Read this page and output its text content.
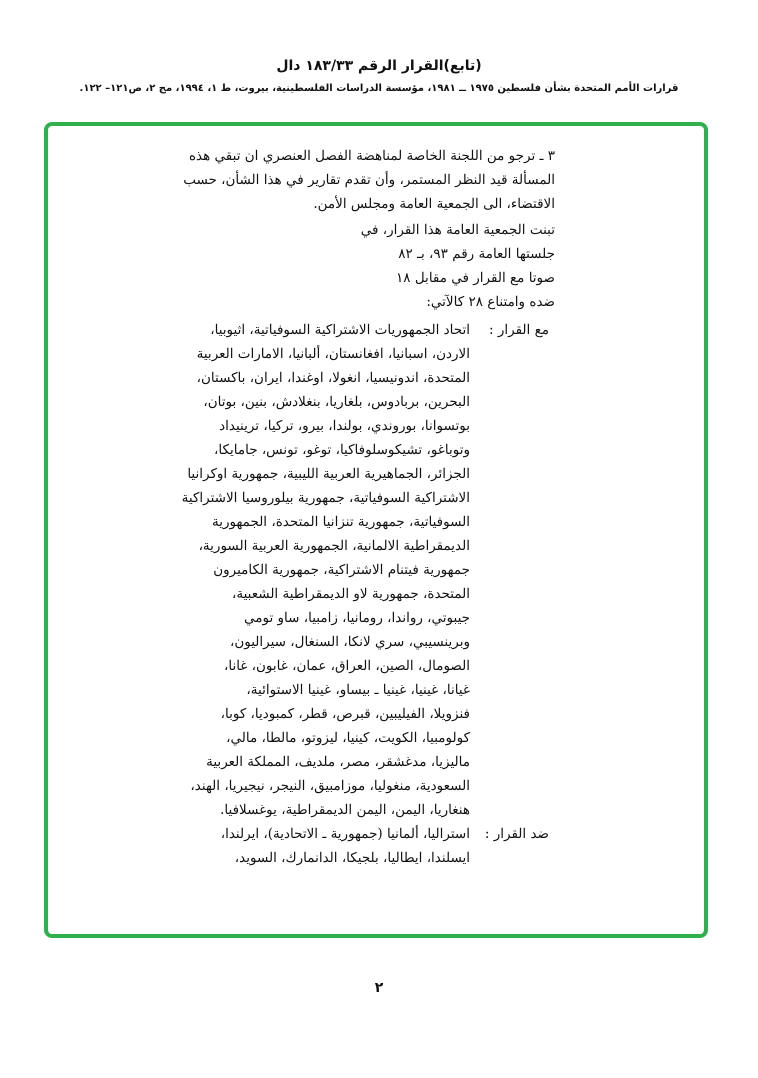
(تابع)القرار الرقم ١٨٣/٣٣ دال
قرارات الأمم المتحدة بشأن فلسطين ١٩٧٥ ــ ١٩٨١، مؤسسة الدراسات الفلسطينية، بيروت، ط ١، ١٩٩٤، مج ٢، ص١٢١– ١٢٢.
٣ ـ ترجو من اللجنة الخاصة لمناهضة الفصل العنصري ان تبقي هذه
المسألة قيد النظر المستمر، وأن تقدم تقارير في هذا الشأن، حسب
الاقتضاء، الى الجمعية العامة ومجلس الأمن.
تبنت الجمعية العامة هذا القرار، في
جلستها العامة رقم ٩٣، بـ ٨٢
صوتا مع القرار في مقابل ١٨
ضده وامتناع ٢٨ كالآتي:
مع القرار :
اتحاد الجمهوريات الاشتراكية السوفياتية، اثيوبيا،
الاردن، اسبانيا، افغانستان، ألبانيا، الامارات العربية
المتحدة، اندونيسيا، انغولا، اوغندا، ايران، باكستان،
البحرين، بربادوس، بلغاريا، بنغلادش، بنين، بوتان،
بوتسوانا، بوروندي، بولندا، بيرو، تركيا، ترينيداد
وتوباغو، تشيكوسلوفاكيا، توغو، تونس، جامايكا،
الجزائر، الجماهيرية العربية الليبية، جمهورية اوكرانيا
الاشتراكية السوفياتية، جمهورية بيلوروسيا الاشتراكية
السوفياتية، جمهورية تنزانيا المتحدة، الجمهورية
الديمقراطية الالمانية، الجمهورية العربية السورية،
جمهورية فيتنام الاشتراكية، جمهورية الكاميرون
المتحدة، جمهورية لاو الديمقراطية الشعبية،
جيبوتي، رواندا، رومانيا، زامبيا، ساو تومي
وبرينسيبي، سري لانكا، السنغال، سيراليون،
الصومال، الصين، العراق، عمان، غابون، غانا،
غيانا، غينيا، غينيا ـ بيساو، غينيا الاستوائية،
فنزويلا، الفيليبين، قبرص، قطر، كمبوديا، كوبا،
كولومبيا، الكويت، كينيا، ليزوتو، مالطا، مالي،
ماليزيا، مدغشقر، مصر، ملديف، المملكة العربية
السعودية، منغوليا، موزامبيق، النيجر، نيجيريا، الهند،
هنغاريا، اليمن، اليمن الديمقراطية، يوغسلافيا.
ضد القرار :
استراليا، ألمانيا (جمهورية ـ الاتحادية)، ايرلندا،
ايسلندا، ايطاليا، بلجيكا، الدانمارك، السويد،
٢
